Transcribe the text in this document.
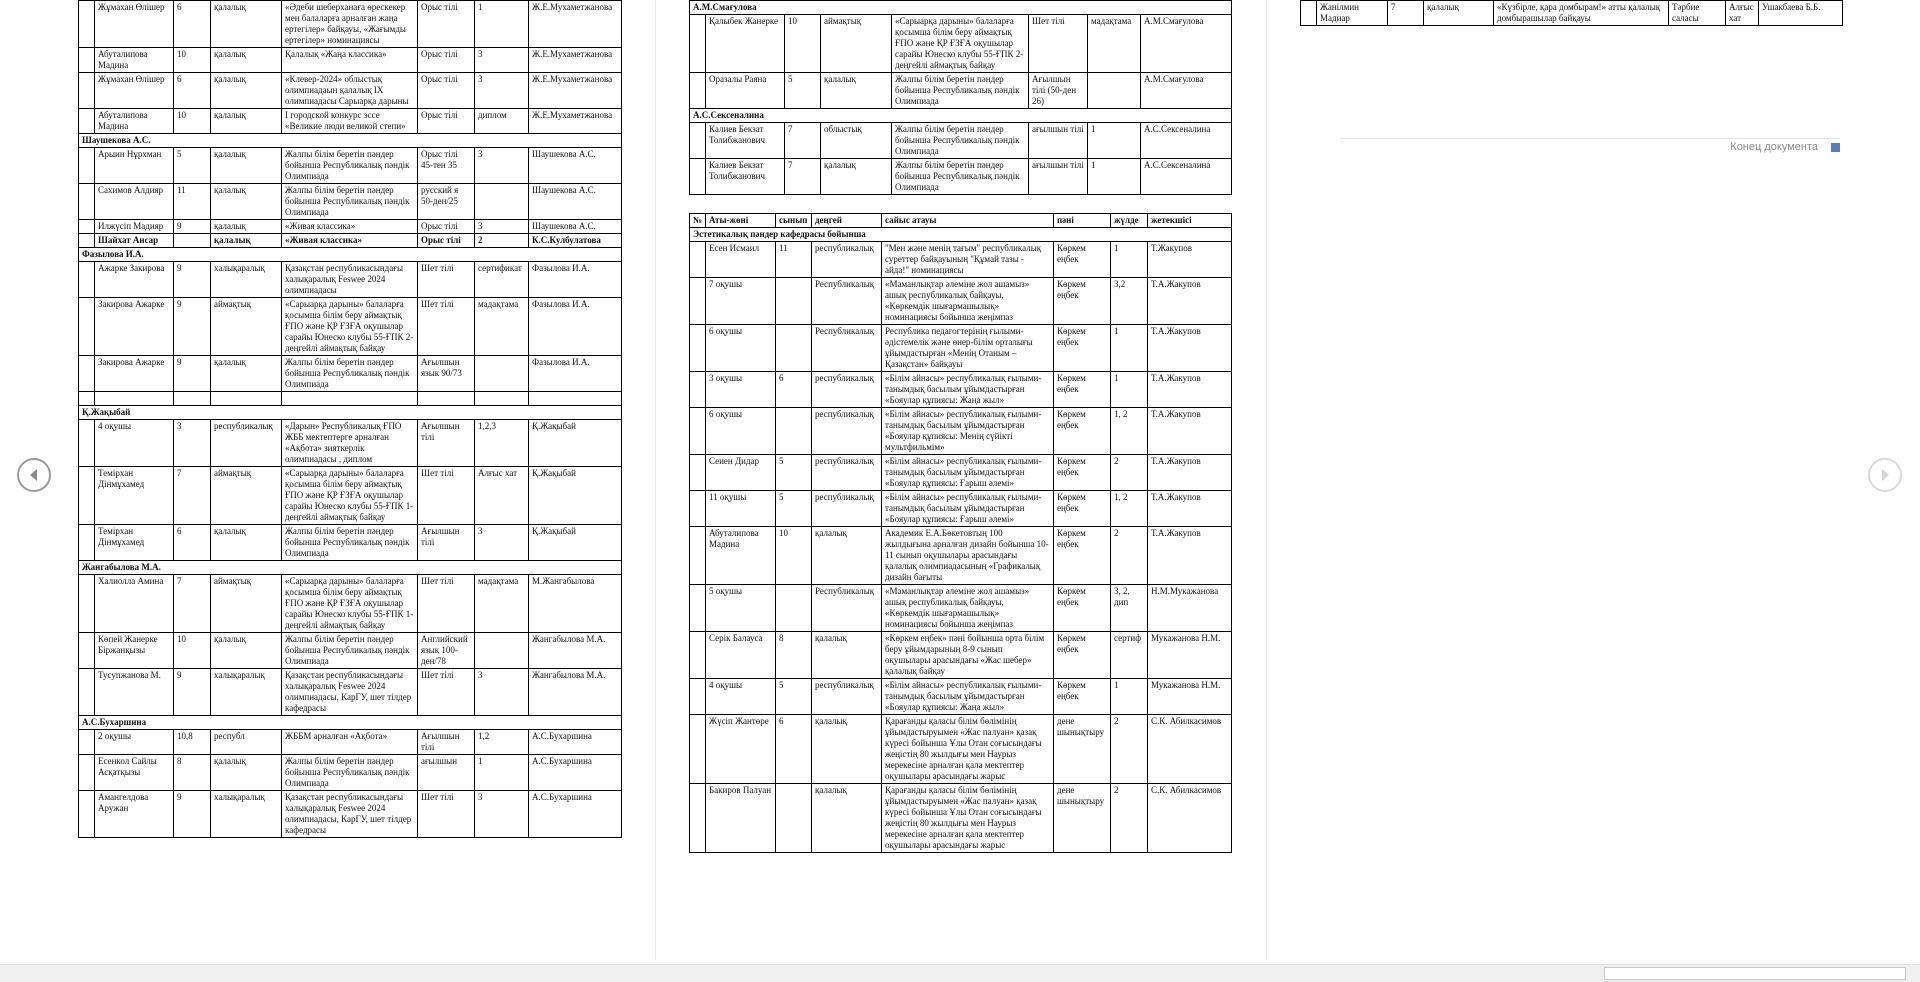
	Жұмахан Өлішер	6	қалалық	«Әдеби шеберханаға өрескекер мен балаларға арналған жаңа ертегілер» байқауы, «Жағымды ертегілер» номинациясы	Орыс тілі	1	Ж.Е.Мухаметжанова
	Абуталипова Мадина	10	қалалық	Қалалық «Жаңа классика»	Орыс тілі	3	Ж.Е.Мухаметжанова
	Жұмахан Өлішер	6	қалалық	«Клевер-2024» облыстық олимпиадаын қалалық IX олимпиадасы Сарыарқа дарыны	Орыс тілі	3	Ж.Е.Мухаметжанова
	Абуталипова Мадина	10	қалалық	I городской конкурс эссе «Великие люди великой степи»	Орыс тілі	диплом	Ж.Е.Мухаметжанова
Шаушекова А.С.							
	Арыин Нұрхман	5	қалалық	Жалпы білім беретін пәндер бойынша Республикалық пәндік Олимпиада	Орыс тілі 45-тен 35	3	Шаушекова А.С.
	Сахимов Алдияр	11	қалалық	Жалпы білім беретін пәндер бойынша Республикалық пәндік Олимпиада	русский я 50-ден/25		Шаушекова А.С.
	Илжүсіп Мадияр	9	қалалық	«Живая классика»	Орыс тілі	3	Шаушекова А.С.
	Шайхат Ансар		қалалық	«Живая классика»	Орыс тілі	2	К.С.Кулбулатова
Фазылова И.А.							
	Ажарке Закирова	9	халықаралық	Қазақстан республикасындағы халықаралық Feswee 2024 олимпиадасы	Шет тілі	сертификат	Фазылова И.А.
	Закирова Ажарке	9	аймақтық	«Сарыарқа дарыны» балаларға қосымша білім беру аймақтық ҒПО және ҚР ҒЗҒА оқушылар сарайы Юнеско клубы 55-ҒПК 2-деңгейлі аймақтық байқау	Шет тілі	мадақтама	Фазылова И.А.
	Закирова Ажарке	9	қалалық	Жалпы білім беретін пәндер бойынша Республикалық пәндік Олимпиада	Ағылшын язык 90/73		Фазылова И.А.

Қ.Жақыбай							
	4 оқушы	3	республикалық	«Дарын» Республикалық ҒПО ЖББ мектептерге арналған «Ақбота» зияткерлік олимпиадасы , диплом	Ағылшын тілі	1,2,3	Қ.Жақыбай
	Темірхан Дінмұхамед	7	аймақтық	«Сарыарқа дарыны» балаларға қосымша білім беру аймақтық ҒПО және ҚР ҒЗҒА оқушылар сарайы Юнеско клубы 55-ҒПК 1-деңгейлі аймақтық байқау	Шет тілі	Алғыс хат	Қ.Жақыбай
	Темірхан Дінмұхамед	6	қалалық	Жалпы білім беретін пәндер бойынша Республикалық пәндік Олимпиада	Ағылшын тілі	3	Қ.Жақыбай
Жангабылова М.А.							
	Халиолла Амина	7	аймақтық	«Сарыарқа дарыны» балаларға қосымша білім беру аймақтық ҒПО және ҚР ҒЗҒА оқушылар сарайы Юнеско клубы 55-ҒПК 1-деңгейлі аймақтық байқау	Шет тілі	мадақтама	М.Жангабылова
	Көпей Жанерке Біржанқызы	10	қалалық	Жалпы білім беретін пәндер бойынша Республикалық пәндік Олимпиада	Английский язык 100-ден/78		Жангабылова М.А.
	Тусупжанова М.	9	халықаралық	Қазақстан республикасындағы халықаралық Feswee 2024 олимпиадасы, КарГУ, шет тілдер кафедрасы	Шет тілі	3	Жангабылова М.А.
А.С.Бухаршина							
	2 оқушы	10,8	республ	ЖББМ арналған «Ақбота»	Ағылшын тілі	1,2	А.С.Бухаршина
	Есенкол Сайлы Асқатқызы	8	қалалық	Жалпы білім беретін пәндер бойынша Республикалық пәндік Олимпиада	ағылшын	1	А.С.Бухаршина
	Амангелдова Аружан	9	халықаралық	Қазақстан республикасындағы халықаралық Feswee 2024 олимпиадасы, КарГУ, шет тілдер кафедрасы	Шет тілі	3	А.С.Бухаршина
А.М.Смағулова							
	Қалыбек Жанерке	10	аймақтық	«Сарыарқа дарыны» балаларға қосымша білім беру аймақтық ҒПО және ҚР ҒЗҒА оқушылар сарайы Юнеско клубы 55-ҒПК 2-деңгейлі аймақтық байқау	Шет тілі	мадақтама	А.М.Смағулова
	Оразалы Раяна	5	қалалық	Жалпы білім беретін пәндер бойынша Республикалық пәндік Олимпиада	Ағылшын тілі (50-ден 26)		А.М.Смағулова
А.С.Сексеналина							
	Калиев Бекзат Толибжанович	7	облыстық	Жалпы білім беретін пәндер бойынша Республикалық пәндік Олимпиада	ағылшын тілі	1	А.С.Сексеналина
	Калиев Бекзат Толибжанович	7	қалалық	Жалпы білім беретін пәндер бойынша Республикалық пәндік Олимпиада	ағылшын тілі	1	А.С.Сексеналина
№	Аты-жөні	сынып	деңгей	сайыс атауы	пәні	жүлде	жетекшісі
Эстетикалық пәндер кафедрасы бойынша							
	Есен Исмаил	11	республикалық	"Мен және менің тағым" республикалық суреттер байқауының "Құмай тазы - айда!" номинациясы	Көркем еңбек	1	Т.Жакупов
	7 оқушы		Республикалық	«Маманлықтар әлеміне жол ашамыз» ашық республикалық байқауы, «Көркемдік шығармашылық» номинациясы бойынша жеңімпаз	Көркем еңбек	3,2	Т.А.Жакупов
	6 оқушы		Республикалық	Республика педагогтерінің ғылыми-әдістемелік және өнер-білім орталығы ұйымдастырған «Менің Отаным – Қазақстан» байқауы	Көркем еңбек	1	Т.А.Жакупов
	3 оқушы	6	республикалық	«Білім айнасы» республикалық ғылыми-танымдық басылым ұйымдастырған «Бояулар құпиясы: Жаңа жыл»	Көркем еңбек	1	Т.А.Жакупов
	6 оқушы		республикалық	«Білім айнасы» республикалық ғылыми-танымдық басылым ұйымдастырған «Бояулар құпиясы: Менің сүйікті мультфильмім»	Көркем еңбек	1, 2	Т.А.Жакупов
	Сеиен Дидар	5	республикалық	«Білім айнасы» республикалық ғылыми-танымдық басылым ұйымдастырған «Бояулар құпиясы: Ғарыш әлемі»	Көркем еңбек	2	Т.А.Жакупов
	11 оқушы	5	республикалық	«Білім айнасы» республикалық ғылыми-танымдық басылым ұйымдастырған «Бояулар құпиясы: Ғарыш әлемі»	Көркем еңбек	1, 2	Т.А.Жакупов
	Абуталипова Мадина	10	қалалық	Академик Е.А.Бөкетовтың 100 жылдығына арналған дизайн бойынша 10-11 сынып оқушылары арасындағы қалалық олимпиадасының «Графикалық дизайн бағыты	Көркем еңбек	2	Т.А.Жакупов
	5 оқушы		Республикалық	«Маманлықтар әлеміне жол ашамыз» ашық республикалық байқауы, «Көркемдік шығармашылық» номинациясы бойынша жеңімпаз	Көркем еңбек	3, 2, дип	Н.М.Мукажанова
	Серік Балауса	8	қалалық	«Көркем еңбек» пәні бойынша орта білім беру ұйымдарының 8-9 сынып оқушылары арасындағы «Жас шебер» қалалық байқау	Көркем еңбек	сертиф	Мукажанова Н.М.
	4 оқушы	5	республикалық	«Білім айнасы» республикалық ғылыми-танымдық басылым ұйымдастырған «Бояулар құпиясы: Жаңа жыл»	Көркем еңбек	1	Мукажанова Н.М.
	Жүсіп Жантөре	6	қалалық	Қарағанды қаласы білім бөлімінің ұйымдастыруымен «Жас палуан» қазақ күресі бойынша Ұлы Отан соғысындағы жеңістің 80 жылдығы мен Наурыз мерекесіне арналған қала мектептер оқушылары арасындағы жарыс	дене шынықтыру	2	С.К. Абилкасимов
	Бакиров Палуан		қалалық	Қарағанды қаласы білім бөлімінің ұйымдастыруымен «Жас палуан» қазақ күресі бойынша Ұлы Отан соғысындағы жеңістің 80 жылдығы мен Наурыз мерекесіне арналған қала мектептер оқушылары арасындағы жарыс	дене шынықтыру	2	С.К. Абилкасимов
	Жанілмин Мадиар	7	қалалық	«Күзбірле, қара домбырам!» атты қалалық домбырашылар байқауы	Тәрбие саласы	Алғыс хат	Ушакбаева Б.Б.
Конец документа
